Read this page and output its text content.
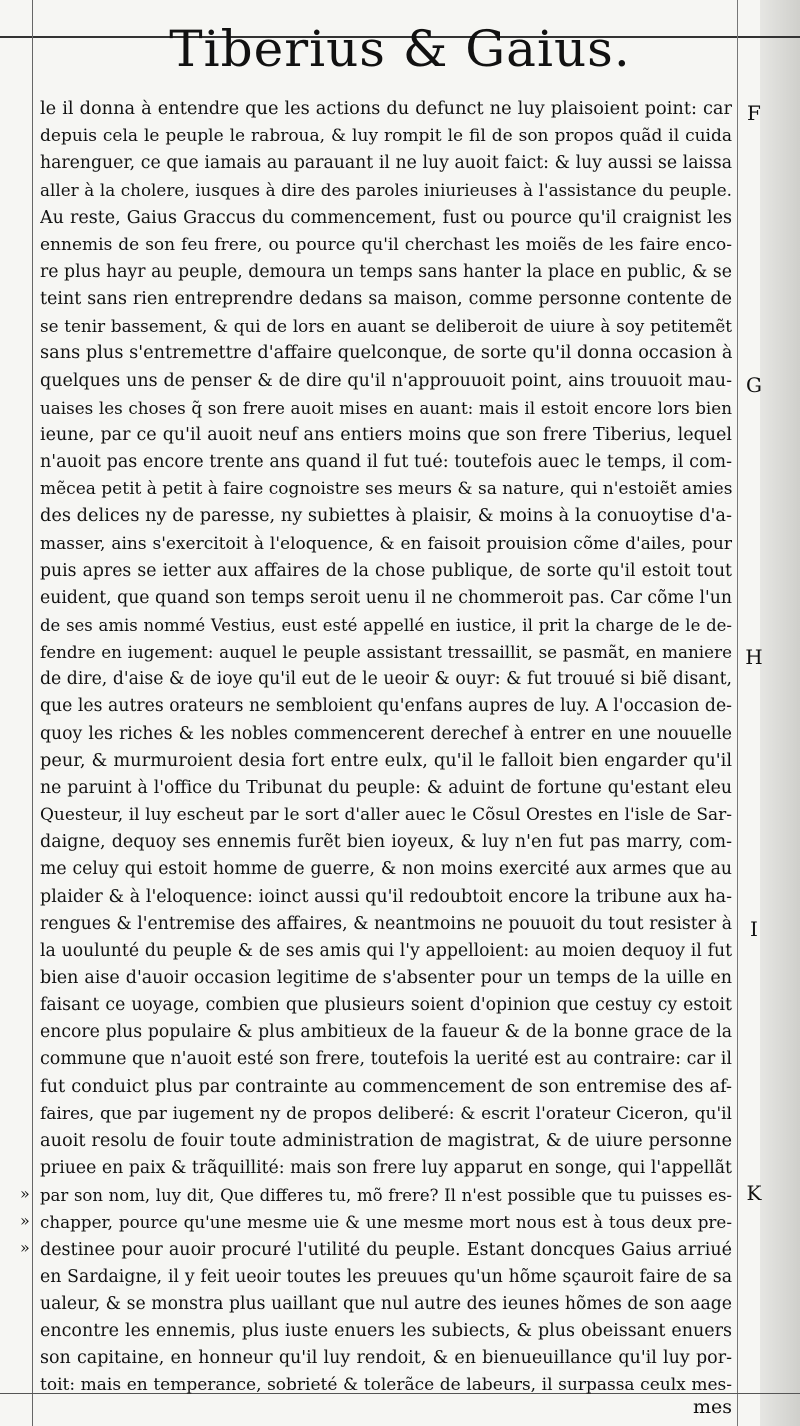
Tiberius & Gaius.
le il donna à entendre que les actions du defunct ne luy plaisoient point: car
depuis cela le peuple le rabroua, & luy rompit le fil de son propos quãd il cuida
harenguer, ce que iamais au parauant il ne luy auoit faict: & luy aussi se laissa
aller à la cholere, iusques à dire des paroles iniurieuses à l'assistance du peuple.
Au reste, Gaius Graccus du commencement, fust ou pource qu'il craignist les
ennemis de son feu frere, ou pource qu'il cherchast les moiẽs de les faire enco-
re plus hayr au peuple, demoura un temps sans hanter la place en public, & se
teint sans rien entreprendre dedans sa maison, comme personne contente de
se tenir bassement, & qui de lors en auant se deliberoit de uiure à soy petitemẽt
sans plus s'entremettre d'affaire quelconque, de sorte qu'il donna occasion à
quelques uns de penser & de dire qu'il n'approuuoit point, ains trouuoit mau-
uaises les choses q̃ son frere auoit mises en auant: mais il estoit encore lors bien
ieune, par ce qu'il auoit neuf ans entiers moins que son frere Tiberius, lequel
n'auoit pas encore trente ans quand il fut tué: toutefois auec le temps, il com-
mẽcea petit à petit à faire cognoistre ses meurs & sa nature, qui n'estoiẽt amies
des delices ny de paresse, ny subiettes à plaisir, & moins à la conuoytise d'a-
masser, ains s'exercitoit à l'eloquence, & en faisoit prouision cõme d'ailes, pour
puis apres se ietter aux affaires de la chose publique, de sorte qu'il estoit tout
euident, que quand son temps seroit uenu il ne chommeroit pas. Car cõme l'un
de ses amis nommé Vestius, eust esté appellé en iustice, il prit la charge de le de-
fendre en iugement: auquel le peuple assistant tressaillit, se pasmãt, en maniere
de dire, d'aise & de ioye qu'il eut de le ueoir & ouyr: & fut trouué si biẽ disant,
que les autres orateurs ne sembloient qu'enfans aupres de luy. A l'occasion de-
quoy les riches & les nobles commencerent derechef à entrer en une nouuelle
peur, & murmuroient desia fort entre eulx, qu'il le falloit bien engarder qu'il
ne paruint à l'office du Tribunat du peuple: & aduint de fortune qu'estant eleu
Questeur, il luy escheut par le sort d'aller auec le Cõsul Orestes en l'isle de Sar-
daigne, dequoy ses ennemis furẽt bien ioyeux, & luy n'en fut pas marry, com-
me celuy qui estoit homme de guerre, & non moins exercité aux armes que au
plaider & à l'eloquence: ioinct aussi qu'il redoubtoit encore la tribune aux ha-
rengues & l'entremise des affaires, & neantmoins ne pouuoit du tout resister à
la uoulunté du peuple & de ses amis qui l'y appelloient: au moien dequoy il fut
bien aise d'auoir occasion legitime de s'absenter pour un temps de la uille en
faisant ce uoyage, combien que plusieurs soient d'opinion que cestuy cy estoit
encore plus populaire & plus ambitieux de la faueur & de la bonne grace de la
commune que n'auoit esté son frere, toutefois la uerité est au contraire: car il
fut conduict plus par contrainte au commencement de son entremise des af-
faires, que par iugement ny de propos deliberé: & escrit l'orateur Ciceron, qu'il
auoit resolu de fouir toute administration de magistrat, & de uiure personne
priuee en paix & trãquillité: mais son frere luy apparut en songe, qui l'appellãt
par son nom, luy dit, Que differes tu, mõ frere? Il n'est possible que tu puisses es-
chapper, pource qu'une mesme uie & une mesme mort nous est à tous deux pre-
destinee pour auoir procuré l'utilité du peuple. Estant doncques Gaius arriué
en Sardaigne, il y feit ueoir toutes les preuues qu'un hõme sçauroit faire de sa
ualeur, & se monstra plus uaillant que nul autre des ieunes hõmes de son aage
encontre les ennemis, plus iuste enuers les subiects, & plus obeissant enuers
son capitaine, en honneur qu'il luy rendoit, & en bienueuillance qu'il luy por-
toit: mais en temperance, sobrieté & tolerãce de labeurs, il surpassa ceulx mes-
F
G
H
I
K
»
»
»
mes
